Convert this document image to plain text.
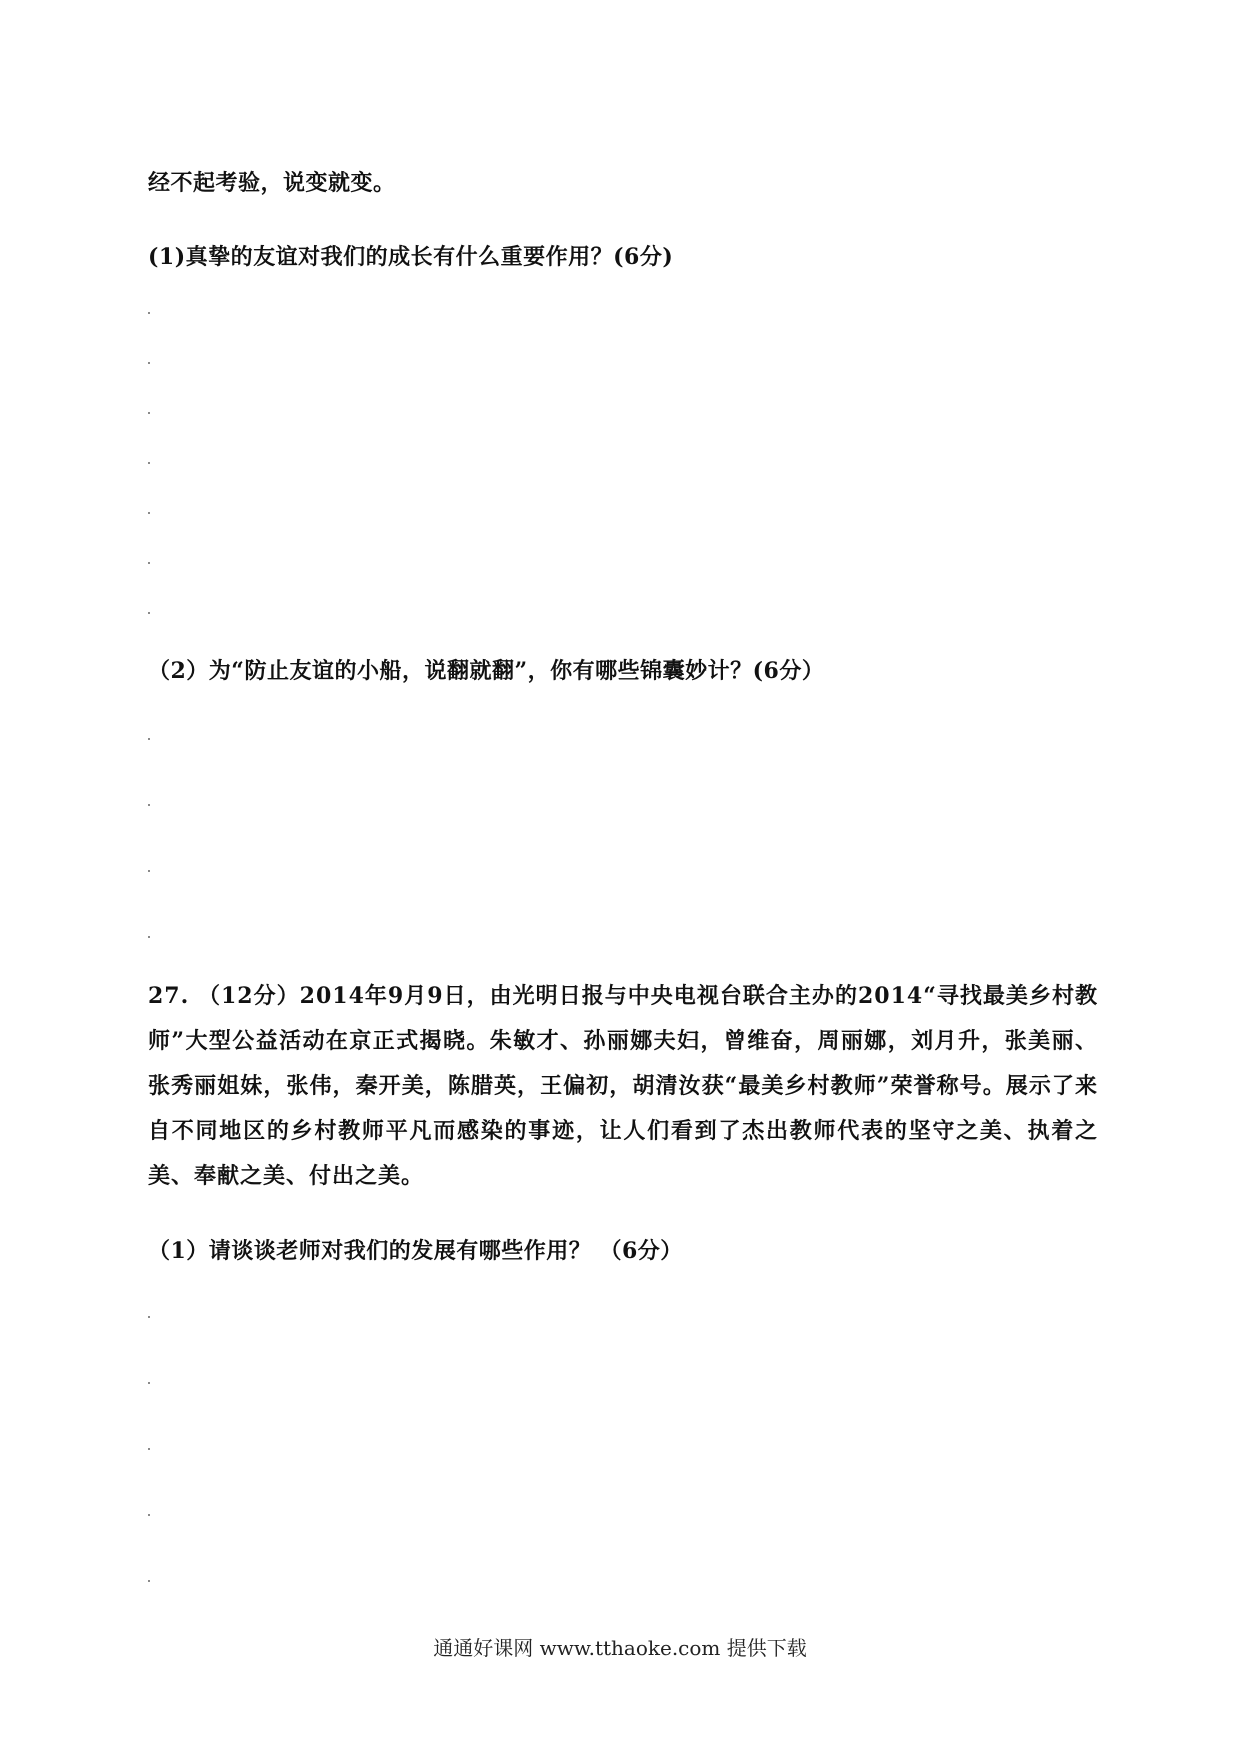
经不起考验，说变就变。
(1)真挚的友谊对我们的成长有什么重要作用？(6分)
（2）为“防止友谊的小船，说翻就翻”，你有哪些锦囊妙计？(6分）
27. （12分）2014年9月9日，由光明日报与中央电视台联合主办的2014“寻找最美乡村教师”大型公益活动在京正式揭晓。朱敏才、孙丽娜夫妇，曾维奋，周丽娜，刘月升，张美丽、张秀丽姐妹，张伟，秦开美，陈腊英，王偏初，胡清汝获“最美乡村教师”荣誉称号。展示了来自不同地区的乡村教师平凡而感染的事迹，让人们看到了杰出教师代表的坚守之美、执着之美、奉献之美、付出之美。
（1）请谈谈老师对我们的发展有哪些作用？ （6分）
通通好课网 www.tthaoke.com 提供下载
